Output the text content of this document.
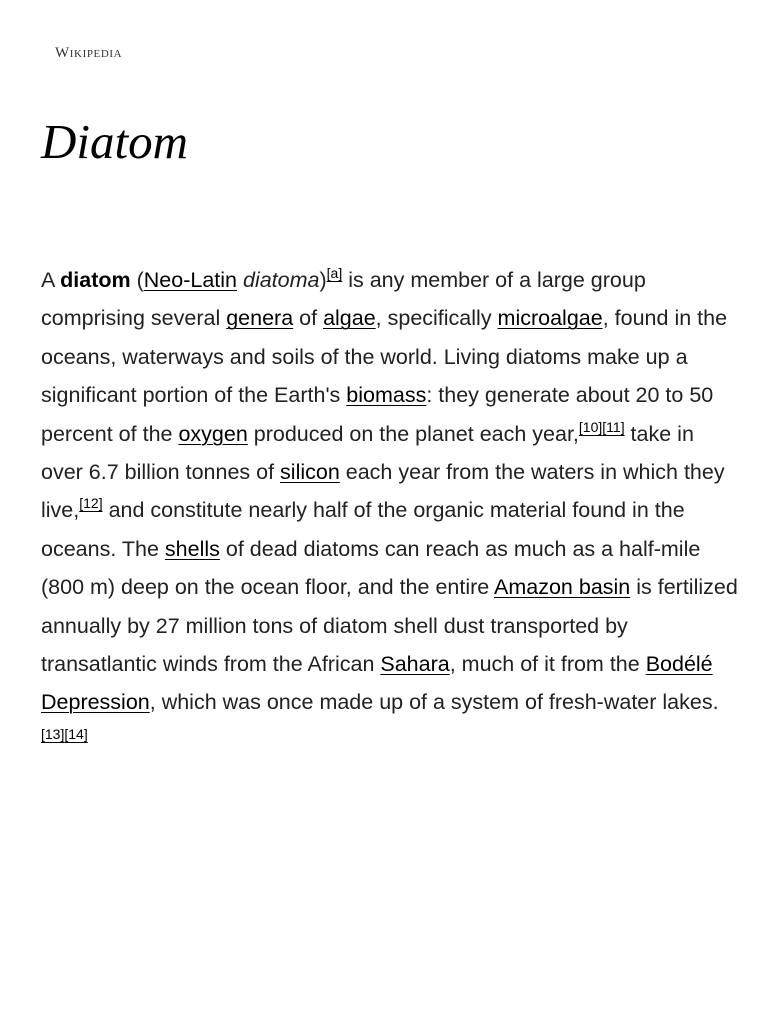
Wikipedia
Diatom

A diatom (Neo-Latin diatoma)[a] is any member of a large group comprising several genera of algae, specifically microalgae, found in the oceans, waterways and soils of the world. Living diatoms make up a significant portion of the Earth's biomass: they generate about 20 to 50 percent of the oxygen produced on the planet each year,[10][11] take in over 6.7 billion tonnes of silicon each year from the waters in which they live,[12] and constitute nearly half of the organic material found in the oceans. The shells of dead diatoms can reach as much as a half-mile (800 m) deep on the ocean floor, and the entire Amazon basin is fertilized annually by 27 million tons of diatom shell dust transported by transatlantic winds from the African Sahara, much of it from the Bodélé Depression, which was once made up of a system of fresh-water lakes.[13][14]
